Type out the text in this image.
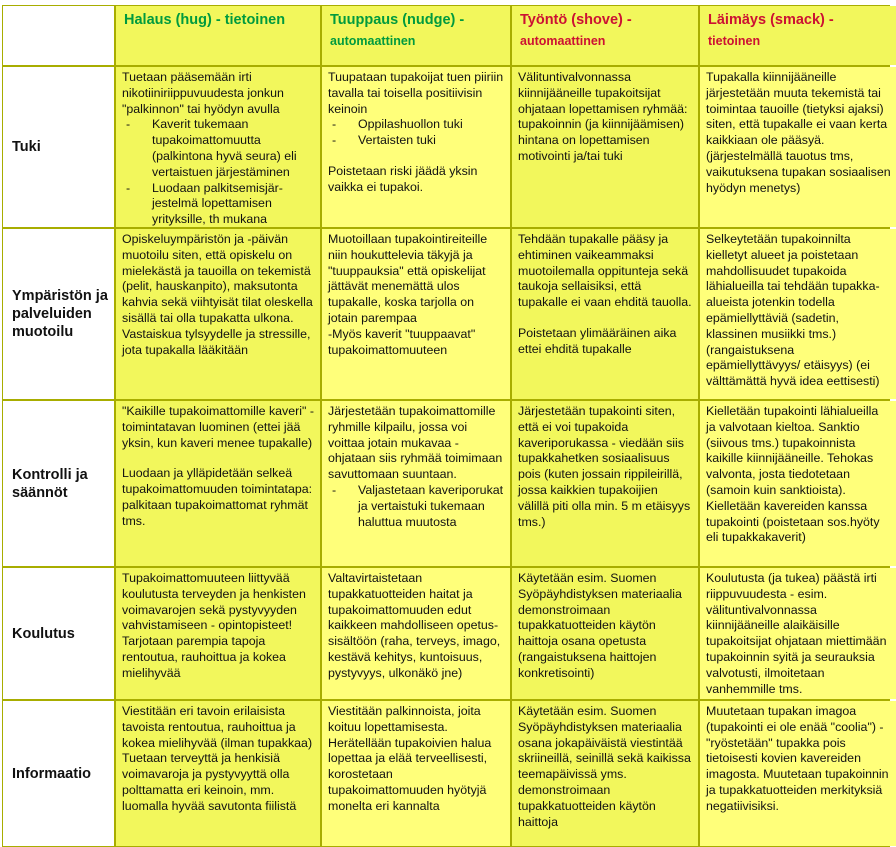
Halaus (hug) - tietoinen	Tuuppaus (nudge) -
automaattinen
Työntö (shove) -
automaattinen
Läimäys (smack) -
tietoinen
Tuki

Tuetaan pääsemään irti nikotiiniriippuvuudesta jonkun "palkinnon" tai hyödyn avulla

- Kaverit tukemaan tupakoimattomuutta (palkintona hyvä seura) eli vertaistuen järjestäminen
- Luodaan palkitsemisjär-jestelmä lopettamisen yrityksille, th mukana

Tuupataan tupakoijat tuen piiriin tavalla tai toisella positiivisin keinoin

- Oppilashuollon tuki
- Vertaisten tuki

Poistetaan riski jäädä yksin vaikka ei tupakoi.

Välituntivalvonnassa kiinnijääneille tupakoitsijat ohjataan lopettamisen ryhmää: tupakoinnin (ja kiinnijäämisen) hintana on lopettamisen motivointi ja/tai tuki

Tupakalla kiinnijääneille järjestetään muuta tekemistä tai toimintaa tauoille (tietyksi ajaksi) siten, että tupakalle ei vaan kerta kaikkiaan ole pääsyä. (järjestelmällä tauotus tms, vaikutuksena tupakan sosiaalisen hyödyn menetys)

Ympäristön ja palveluiden muotoilu

Opiskeluympäristön ja -päivän muotoilu siten, että opiskelu on mielekästä ja tauoilla on tekemistä (pelit, hauskanpito), maksutonta kahvia sekä viihtyisät tilat oleskella sisällä tai olla tupakatta ulkona. Vastaiskua tylsyydelle ja stressille, jota tupakalla lääkitään

Muotoillaan tupakointireiteille niin houkuttelevia täkyjä ja "tuuppauksia" että opiskelijat jättävät menemättä ulos tupakalle, koska tarjolla on jotain parempaa
-Myös kaverit "tuuppaavat" tupakoimattomuuteen

Tehdään tupakalle pääsy ja ehtiminen vaikeammaksi muotoilemalla oppitunteja sekä taukoja sellaisiksi, että tupakalle ei vaan ehditä tauolla.

Poistetaan ylimääräinen aika ettei ehditä tupakalle

Selkeytetään tupakoinnilta kielletyt alueet ja poistetaan mahdollisuudet tupakoida lähialueilla tai tehdään tupakka-alueista jotenkin todella epämiellyttäviä (sadetin, klassinen musiikki tms.) (rangaistuksena epämiellyttävyys/ etäisyys) (ei välttämättä hyvä idea eettisesti)

Kontrolli ja säännöt

"Kaikille tupakoimattomille kaveri" -toimintatavan luominen (ettei jää yksin, kun kaveri menee tupakalle)

Luodaan ja ylläpidetään selkeä tupakoimattomuuden toimintatapa: palkitaan tupakoimattomat ryhmät tms.

Järjestetään tupakoimattomille ryhmille kilpailu, jossa voi voittaa jotain mukavaa - ohjataan siis ryhmää toimimaan savuttomaan suuntaan.

- Valjastetaan kaveriporukat ja vertaistuki tukemaan haluttua muutosta

Järjestetään tupakointi siten, että ei voi tupakoida kaveriporukassa - viedään siis tupakkahetken sosiaalisuus pois (kuten jossain rippileirillä, jossa kaikkien tupakoijien välillä piti olla min. 5 m etäisyys tms.)

Kielletään tupakointi lähialueilla ja valvotaan kieltoa. Sanktio (siivous tms.) tupakoinnista kaikille kiinnijääneille. Tehokas valvonta, josta tiedotetaan (samoin kuin sanktioista). Kielletään kavereiden kanssa tupakointi (poistetaan sos.hyöty eli tupakkakaverit)

Koulutus

Tupakoimattomuuteen liittyvää koulutusta terveyden ja henkisten voimavarojen sekä pystyvyyden vahvistamiseen - opintopisteet!
Tarjotaan parempia tapoja rentoutua, rauhoittua ja kokea mielihyvää

Valtavirtaistetaan tupakkatuotteiden haitat ja tupakoimattomuuden edut kaikkeen mahdolliseen opetus-sisältöön (raha, terveys, imago, kestävä kehitys, kuntoisuus, pystyvyys, ulkonäkö jne)

Käytetään esim. Suomen Syöpäyhdistyksen materiaalia demonstroimaan tupakkatuotteiden käytön haittoja osana opetusta (rangaistuksena haittojen konkretisointi)

Koulutusta (ja tukea) päästä irti riippuvuudesta - esim. välituntivalvonnassa kiinnijääneille alaikäisille tupakoitsijat ohjataan miettimään tupakoinnin syitä ja seurauksia valvotusti, ilmoitetaan vanhemmille tms.

Informaatio

Viestitään eri tavoin erilaisista tavoista rentoutua, rauhoittua ja kokea mielihyvää (ilman tupakkaa) Tuetaan terveyttä ja henkisiä voimavaroja ja pystyvyyttä olla polttamatta eri keinoin, mm. luomalla hyvää savutonta fiilistä

Viestitään palkinnoista, joita koituu lopettamisesta. Herätellään tupakoivien halua lopettaa ja elää terveellisesti, korostetaan tupakoimattomuuden hyötyjä monelta eri kannalta

Käytetään esim. Suomen Syöpäyhdistyksen materiaalia osana jokapäiväistä viestintää skriineillä, seinillä sekä kaikissa teemapäivissä yms. demonstroimaan tupakkatuotteiden käytön haittoja

Muutetaan tupakan imagoa (tupakointi ei ole enää "coolia") - "ryöstetään" tupakka pois tietoisesti kovien kavereiden imagosta. Muutetaan tupakoinnin ja tupakkatuotteiden merkityksiä negatiivisiksi.
